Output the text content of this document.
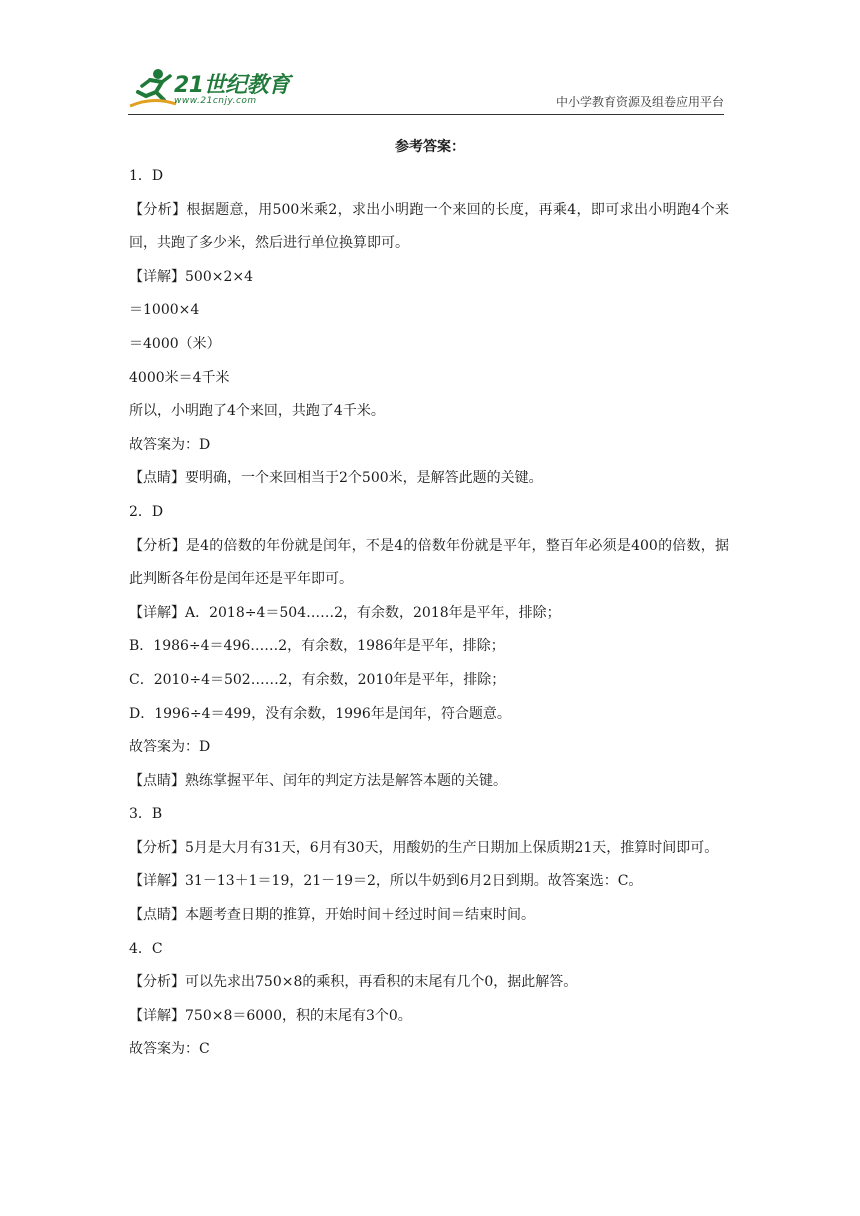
21世纪教育
www.21cnjy.com	中小学教育资源及组卷应用平台
参考答案：
1．D
【分析】根据题意，用500米乘2，求出小明跑一个来回的长度，再乘4，即可求出小明跑4个来回，共跑了多少米，然后进行单位换算即可。
【详解】500×2×4
＝1000×4
＝4000（米）
4000米＝4千米
所以，小明跑了4个来回，共跑了4千米。
故答案为：D
【点睛】要明确，一个来回相当于2个500米，是解答此题的关键。
2．D
【分析】是4的倍数的年份就是闰年，不是4的倍数年份就是平年，整百年必须是400的倍数，据此判断各年份是闰年还是平年即可。
【详解】A．2018÷4＝504……2，有余数，2018年是平年，排除；
B．1986÷4＝496……2，有余数，1986年是平年，排除；
C．2010÷4＝502……2，有余数，2010年是平年，排除；
D．1996÷4＝499，没有余数，1996年是闰年，符合题意。
故答案为：D
【点睛】熟练掌握平年、闰年的判定方法是解答本题的关键。
3．B
【分析】5月是大月有31天，6月有30天，用酸奶的生产日期加上保质期21天，推算时间即可。
【详解】31－13＋1＝19，21－19＝2，所以牛奶到6月2日到期。故答案选：C。
【点睛】本题考查日期的推算，开始时间＋经过时间＝结束时间。
4．C
【分析】可以先求出750×8的乘积，再看积的末尾有几个0，据此解答。
【详解】750×8＝6000，积的末尾有3个0。
故答案为：C
